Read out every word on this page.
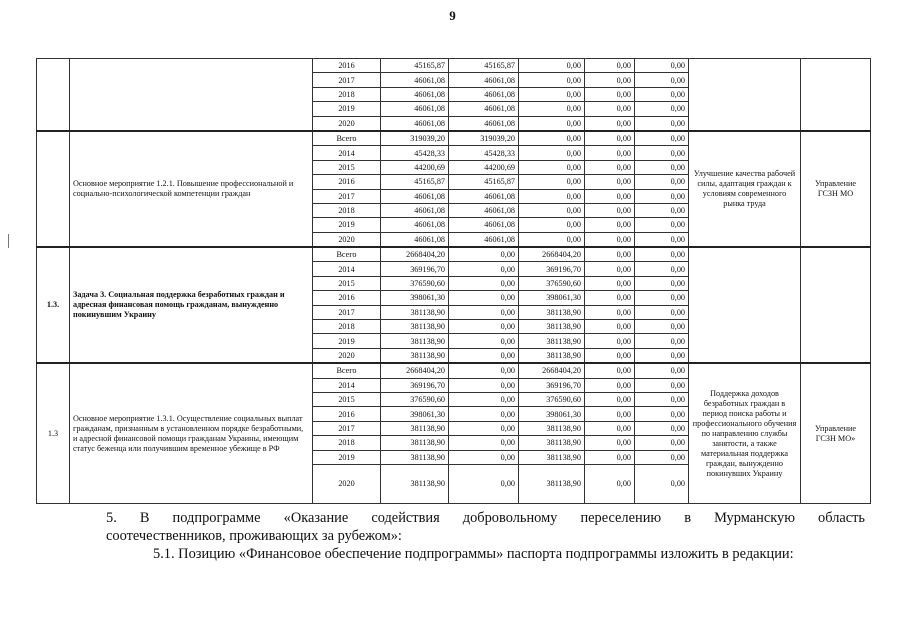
9
		2016	45165,87	45165,87	0,00	0,00	0,00		
		2017	46061,08	46061,08	0,00	0,00	0,00		
		2018	46061,08	46061,08	0,00	0,00	0,00		
		2019	46061,08	46061,08	0,00	0,00	0,00		
		2020	46061,08	46061,08	0,00	0,00	0,00		
	Основное мероприятие 1.2.1. Повышение профессиональной и социально-психологической компетенции граждан	Всего	319039,20	319039,20	0,00	0,00	0,00	Улучшение качества рабочей силы, адаптация граждан к условиям современного рынка труда	Управление ГСЗН МО
		2014	45428,33	45428,33	0,00	0,00	0,00		
		2015	44200,69	44200,69	0,00	0,00	0,00		
		2016	45165,87	45165,87	0,00	0,00	0,00		
		2017	46061,08	46061,08	0,00	0,00	0,00		
		2018	46061,08	46061,08	0,00	0,00	0,00		
		2019	46061,08	46061,08	0,00	0,00	0,00		
		2020	46061,08	46061,08	0,00	0,00	0,00		
1.3.	Задача 3. Социальная поддержка безработных граждан и адресная финансовая помощь гражданам, вынужденно покинувшим Украину	Всего	2668404,20	0,00	2668404,20	0,00	0,00		
		2014	369196,70	0,00	369196,70	0,00	0,00		
		2015	376590,60	0,00	376590,60	0,00	0,00		
		2016	398061,30	0,00	398061,30	0,00	0,00		
		2017	381138,90	0,00	381138,90	0,00	0,00		
		2018	381138,90	0,00	381138,90	0,00	0,00		
		2019	381138,90	0,00	381138,90	0,00	0,00		
		2020	381138,90	0,00	381138,90	0,00	0,00		
1.3	Основное мероприятие 1.3.1. Осуществление социальных выплат гражданам, признанным в установленном порядке безработными, и адресной финансовой помощи гражданам Украины, имеющим статус беженца или получившим временное убежище в РФ	Всего	2668404,20	0,00	2668404,20	0,00	0,00	Поддержка доходов безработных граждан в период поиска работы и профессионального обучения по направлению службы занятости, а также материальная поддержка граждан, вынужденно покинувших Украину	Управление ГСЗН МО»
		2014	369196,70	0,00	369196,70	0,00	0,00		
		2015	376590,60	0,00	376590,60	0,00	0,00		
		2016	398061,30	0,00	398061,30	0,00	0,00		
		2017	381138,90	0,00	381138,90	0,00	0,00		
		2018	381138,90	0,00	381138,90	0,00	0,00		
		2019	381138,90	0,00	381138,90	0,00	0,00		
		2020	381138,90	0,00	381138,90	0,00	0,00		
5. В подпрограмме «Оказание содействия добровольному переселению в Мурманскую область
соотечественников, проживающих за рубежом»:
5.1. Позицию «Финансовое обеспечение подпрограммы» паспорта подпрограммы изложить в редакции:
